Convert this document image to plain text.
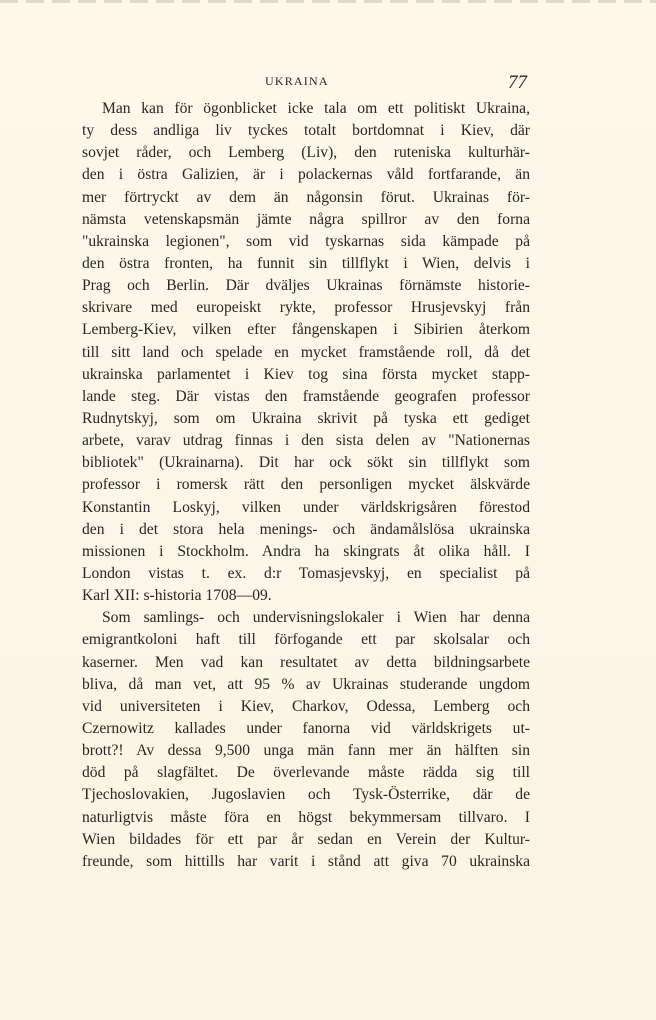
UKRAINA	77
Man kan för ögonblicket icke tala om ett politiskt Ukraina,
ty dess andliga liv tyckes totalt bortdomnat i Kiev, där
sovjet råder, och Lemberg (Liv), den ruteniska kulturhär-
den i östra Galizien, är i polackernas våld fortfarande, än
mer förtryckt av dem än någonsin förut. Ukrainas för-
nämsta vetenskapsmän jämte några spillror av den forna
"ukrainska legionen", som vid tyskarnas sida kämpade på
den östra fronten, ha funnit sin tillflykt i Wien, delvis i
Prag och Berlin. Där dväljes Ukrainas förnämste historie-
skrivare med europeiskt rykte, professor Hrusjevskyj från
Lemberg-Kiev, vilken efter fångenskapen i Sibirien återkom
till sitt land och spelade en mycket framstående roll, då det
ukrainska parlamentet i Kiev tog sina första mycket stapp-
lande steg. Där vistas den framstående geografen professor
Rudnytskyj, som om Ukraina skrivit på tyska ett gediget
arbete, varav utdrag finnas i den sista delen av "Nationernas
bibliotek" (Ukrainarna). Dit har ock sökt sin tillflykt som
professor i romersk rätt den personligen mycket älskvärde
Konstantin Loskyj, vilken under världskrigsåren förestod
den i det stora hela menings- och ändamålslösa ukrainska
missionen i Stockholm. Andra ha skingrats åt olika håll. I
London vistas t. ex. d:r Tomasjevskyj, en specialist på
Karl XII: s-historia 1708—09.
Som samlings- och undervisningslokaler i Wien har denna
emigrantkoloni haft till förfogande ett par skolsalar och
kaserner. Men vad kan resultatet av detta bildningsarbete
bliva, då man vet, att 95 % av Ukrainas studerande ungdom
vid universiteten i Kiev, Charkov, Odessa, Lemberg och
Czernowitz kallades under fanorna vid världskrigets ut-
brott?! Av dessa 9,500 unga män fann mer än hälften sin
död på slagfältet. De överlevande måste rädda sig till
Tjechoslovakien, Jugoslavien och Tysk-Österrike, där de
naturligtvis måste föra en högst bekymmersam tillvaro. I
Wien bildades för ett par år sedan en Verein der Kultur-
freunde, som hittills har varit i stånd att giva 70 ukrainska
